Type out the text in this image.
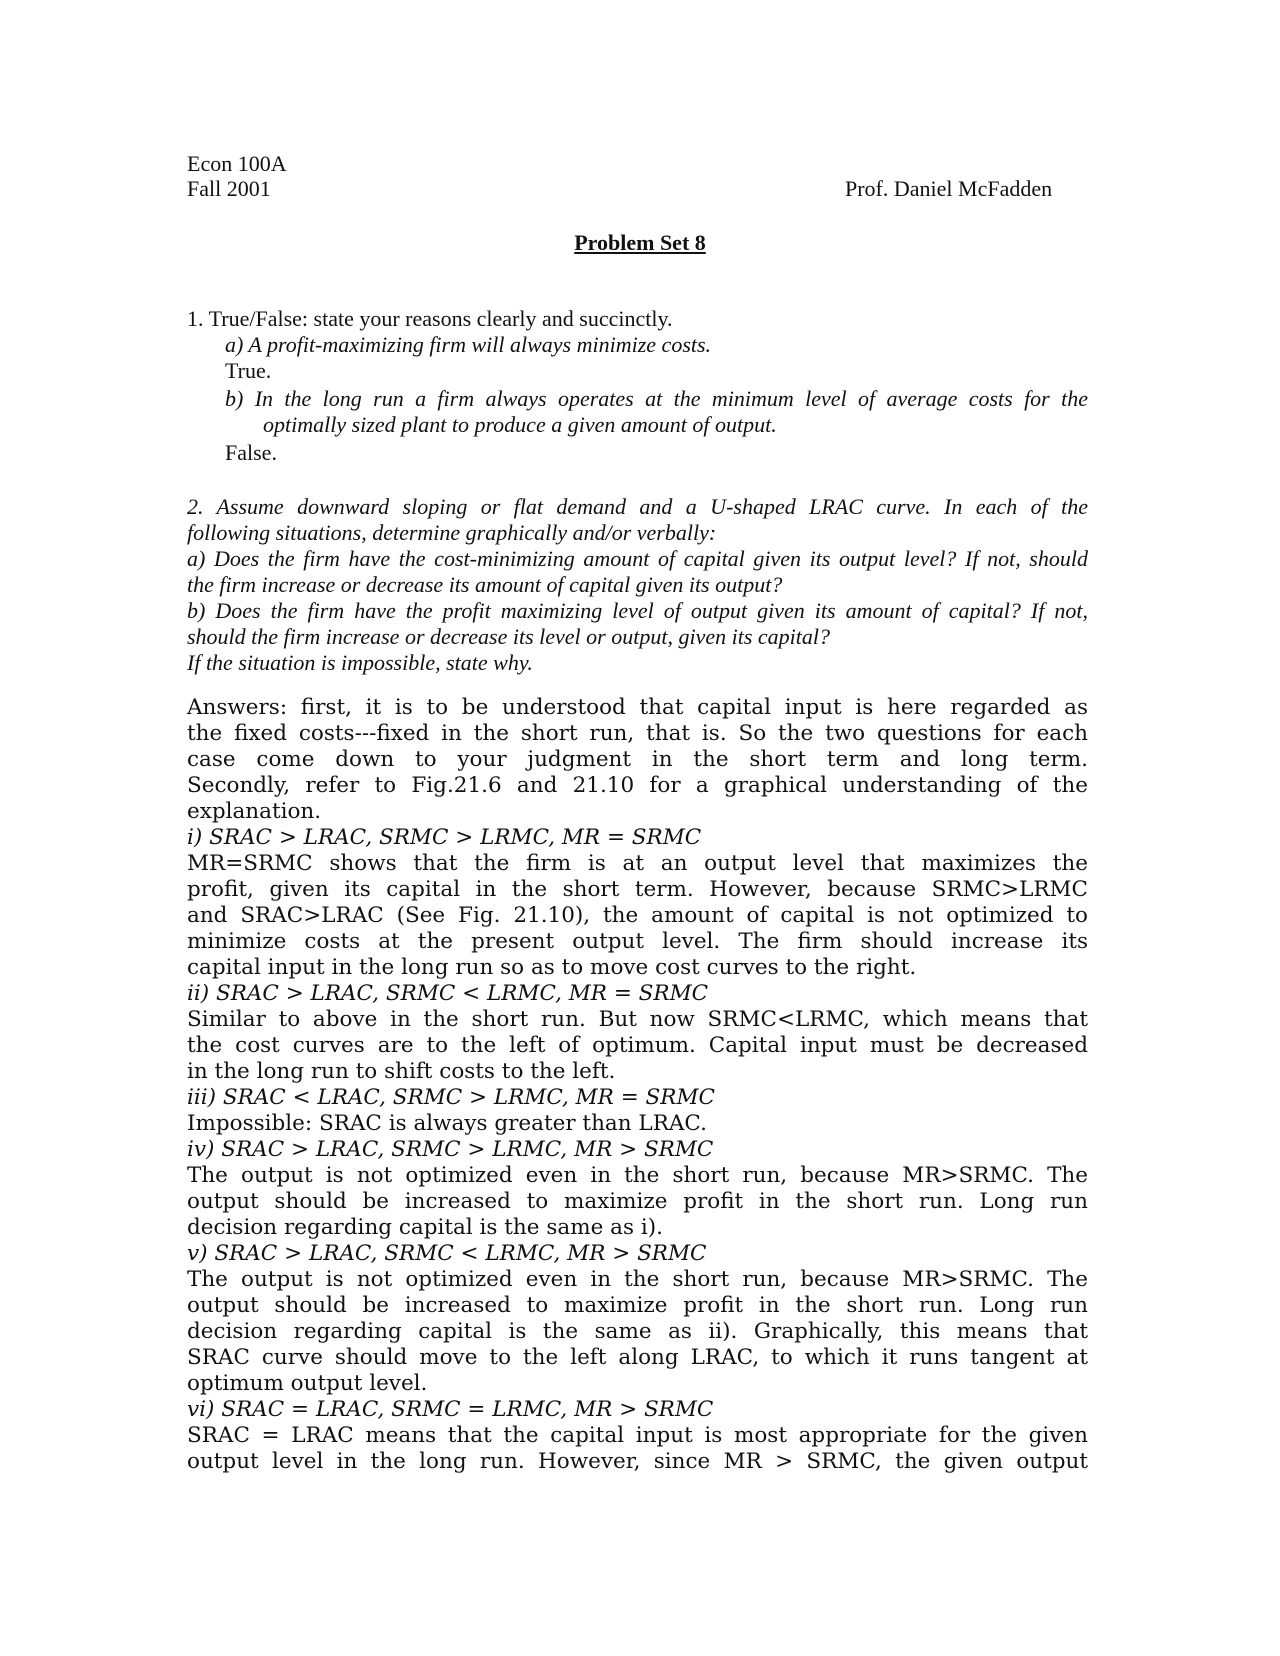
Econ 100A
Fall 2001	Prof. Daniel McFadden
Problem Set 8
1. True/False: state your reasons clearly and succinctly.
a) A profit-maximizing firm will always minimize costs.
True.
b) In the long run a firm always operates at the minimum level of average costs for the
optimally sized plant to produce a given amount of output.
False.
2. Assume downward sloping or flat demand and a U-shaped LRAC curve. In each of the
following situations, determine graphically and/or verbally:
a) Does the firm have the cost-minimizing amount of capital given its output level? If not, should
the firm increase or decrease its amount of capital given its output?
b) Does the firm have the profit maximizing level of output given its amount of capital? If not,
should the firm increase or decrease its level or output, given its capital?
If the situation is impossible, state why.
Answers: first, it is to be understood that capital input is here regarded as
the fixed costs---fixed in the short run, that is. So the two questions for each
case come down to your judgment in the short term and long term.
Secondly, refer to Fig.21.6 and 21.10 for a graphical understanding of the
explanation.
i) SRAC > LRAC, SRMC > LRMC, MR = SRMC
MR=SRMC shows that the firm is at an output level that maximizes the
profit, given its capital in the short term. However, because SRMC>LRMC
and SRAC>LRAC (See Fig. 21.10), the amount of capital is not optimized to
minimize costs at the present output level. The firm should increase its
capital input in the long run so as to move cost curves to the right.
ii) SRAC > LRAC, SRMC < LRMC, MR = SRMC
Similar to above in the short run. But now SRMC<LRMC, which means that
the cost curves are to the left of optimum. Capital input must be decreased
in the long run to shift costs to the left.
iii) SRAC < LRAC, SRMC > LRMC, MR = SRMC
Impossible: SRAC is always greater than LRAC.
iv) SRAC > LRAC, SRMC > LRMC, MR > SRMC
The output is not optimized even in the short run, because MR>SRMC. The
output should be increased to maximize profit in the short run. Long run
decision regarding capital is the same as i).
v) SRAC > LRAC, SRMC < LRMC, MR > SRMC
The output is not optimized even in the short run, because MR>SRMC. The
output should be increased to maximize profit in the short run. Long run
decision regarding capital is the same as ii). Graphically, this means that
SRAC curve should move to the left along LRAC, to which it runs tangent at
optimum output level.
vi) SRAC = LRAC, SRMC = LRMC, MR > SRMC
SRAC = LRAC means that the capital input is most appropriate for the given
output level in the long run. However, since MR > SRMC, the given output
